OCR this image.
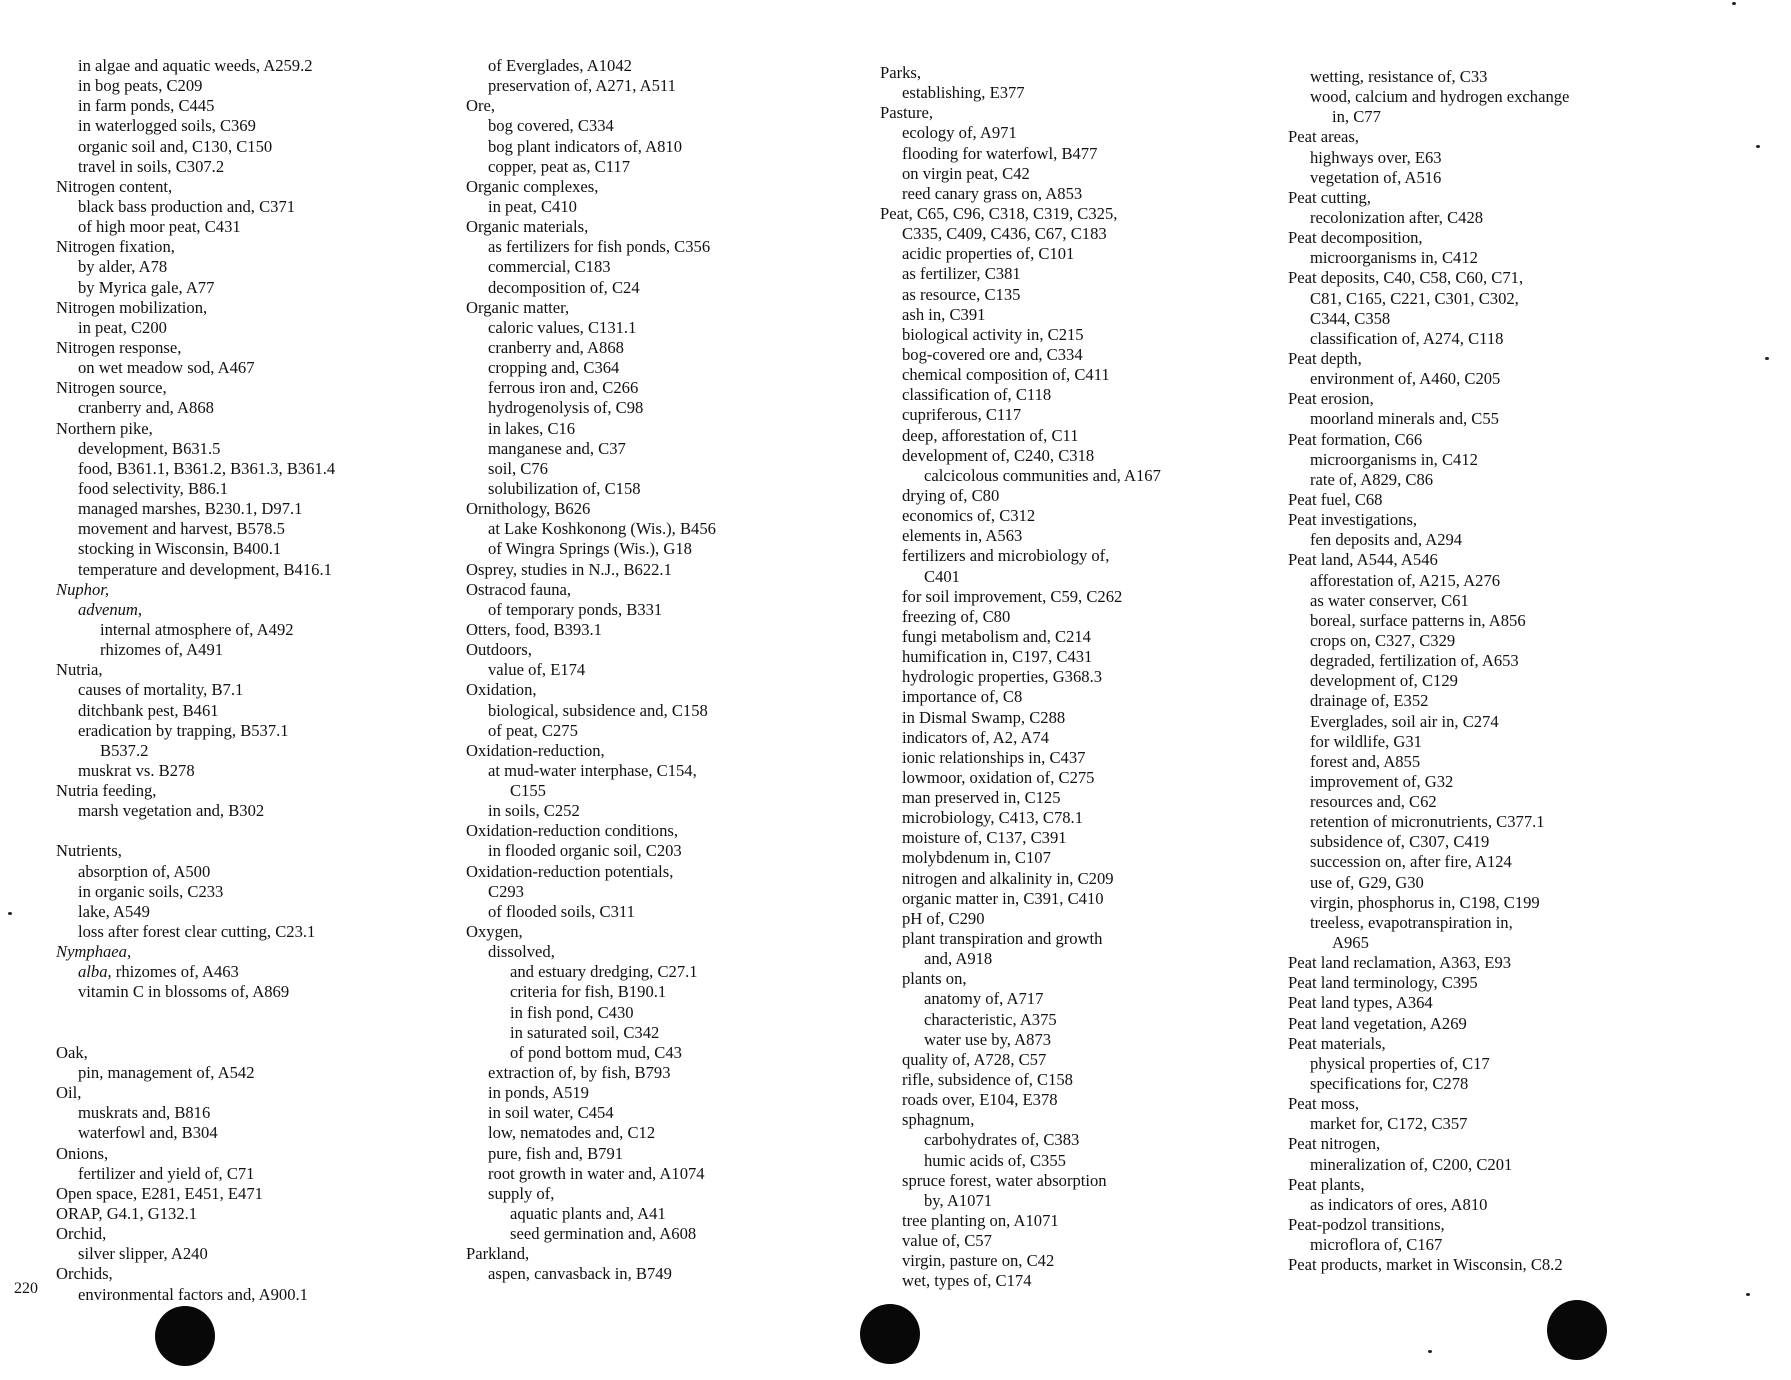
in algae and aquatic weeds, A259.2
in bog peats, C209
in farm ponds, C445
in waterlogged soils, C369
organic soil and, C130, C150
travel in soils, C307.2
Nitrogen content,
black bass production and, C371
of high moor peat, C431
Nitrogen fixation,
by alder, A78
by Myrica gale, A77
Nitrogen mobilization,
in peat, C200
Nitrogen response,
on wet meadow sod, A467
Nitrogen source,
cranberry and, A868
Northern pike,
development, B631.5
food, B361.1, B361.2, B361.3, B361.4
food selectivity, B86.1
managed marshes, B230.1, D97.1
movement and harvest, B578.5
stocking in Wisconsin, B400.1
temperature and development, B416.1
Nuphor,
advenum,
internal atmosphere of, A492
rhizomes of, A491
Nutria,
causes of mortality, B7.1
ditchbank pest, B461
eradication by trapping, B537.1
B537.2
muskrat vs. B278
Nutria feeding,
marsh vegetation and, B302
Nutrients,
absorption of, A500
in organic soils, C233
lake, A549
loss after forest clear cutting, C23.1
Nymphaea,
alba, rhizomes of, A463
vitamin C in blossoms of, A869
Oak,
pin, management of, A542
Oil,
muskrats and, B816
waterfowl and, B304
Onions,
fertilizer and yield of, C71
Open space, E281, E451, E471
ORAP, G4.1, G132.1
Orchid,
silver slipper, A240
Orchids,
environmental factors and, A900.1
of Everglades, A1042
preservation of, A271, A511
Ore,
bog covered, C334
bog plant indicators of, A810
copper, peat as, C117
Organic complexes,
in peat, C410
Organic materials,
as fertilizers for fish ponds, C356
commercial, C183
decomposition of, C24
Organic matter,
caloric values, C131.1
cranberry and, A868
cropping and, C364
ferrous iron and, C266
hydrogenolysis of, C98
in lakes, C16
manganese and, C37
soil, C76
solubilization of, C158
Ornithology, B626
at Lake Koshkonong (Wis.), B456
of Wingra Springs (Wis.), G18
Osprey, studies in N.J., B622.1
Ostracod fauna,
of temporary ponds, B331
Otters, food, B393.1
Outdoors,
value of, E174
Oxidation,
biological, subsidence and, C158
of peat, C275
Oxidation-reduction,
at mud-water interphase, C154,
C155
in soils, C252
Oxidation-reduction conditions,
in flooded organic soil, C203
Oxidation-reduction potentials,
C293
of flooded soils, C311
Oxygen,
dissolved,
and estuary dredging, C27.1
criteria for fish, B190.1
in fish pond, C430
in saturated soil, C342
of pond bottom mud, C43
extraction of, by fish, B793
in ponds, A519
in soil water, C454
low, nematodes and, C12
pure, fish and, B791
root growth in water and, A1074
supply of,
aquatic plants and, A41
seed germination and, A608
Parkland,
aspen, canvasback in, B749
Parks,
establishing, E377
Pasture,
ecology of, A971
flooding for waterfowl, B477
on virgin peat, C42
reed canary grass on, A853
Peat, C65, C96, C318, C319, C325,
C335, C409, C436, C67, C183
acidic properties of, C101
as fertilizer, C381
as resource, C135
ash in, C391
biological activity in, C215
bog-covered ore and, C334
chemical composition of, C411
classification of, C118
cupriferous, C117
deep, afforestation of, C11
development of, C240, C318
calcicolous communities and, A167
drying of, C80
economics of, C312
elements in, A563
fertilizers and microbiology of,
C401
for soil improvement, C59, C262
freezing of, C80
fungi metabolism and, C214
humification in, C197, C431
hydrologic properties, G368.3
importance of, C8
in Dismal Swamp, C288
indicators of, A2, A74
ionic relationships in, C437
lowmoor, oxidation of, C275
man preserved in, C125
microbiology, C413, C78.1
moisture of, C137, C391
molybdenum in, C107
nitrogen and alkalinity in, C209
organic matter in, C391, C410
pH of, C290
plant transpiration and growth
and, A918
plants on,
anatomy of, A717
characteristic, A375
water use by, A873
quality of, A728, C57
rifle, subsidence of, C158
roads over, E104, E378
sphagnum,
carbohydrates of, C383
humic acids of, C355
spruce forest, water absorption
by, A1071
tree planting on, A1071
value of, C57
virgin, pasture on, C42
wet, types of, C174
wetting, resistance of, C33
wood, calcium and hydrogen exchange
in, C77
Peat areas,
highways over, E63
vegetation of, A516
Peat cutting,
recolonization after, C428
Peat decomposition,
microorganisms in, C412
Peat deposits, C40, C58, C60, C71,
C81, C165, C221, C301, C302,
C344, C358
classification of, A274, C118
Peat depth,
environment of, A460, C205
Peat erosion,
moorland minerals and, C55
Peat formation, C66
microorganisms in, C412
rate of, A829, C86
Peat fuel, C68
Peat investigations,
fen deposits and, A294
Peat land, A544, A546
afforestation of, A215, A276
as water conserver, C61
boreal, surface patterns in, A856
crops on, C327, C329
degraded, fertilization of, A653
development of, C129
drainage of, E352
Everglades, soil air in, C274
for wildlife, G31
forest and, A855
improvement of, G32
resources and, C62
retention of micronutrients, C377.1
subsidence of, C307, C419
succession on, after fire, A124
use of, G29, G30
virgin, phosphorus in, C198, C199
treeless, evapotranspiration in,
A965
Peat land reclamation, A363, E93
Peat land terminology, C395
Peat land types, A364
Peat land vegetation, A269
Peat materials,
physical properties of, C17
specifications for, C278
Peat moss,
market for, C172, C357
Peat nitrogen,
mineralization of, C200, C201
Peat plants,
as indicators of ores, A810
Peat-podzol transitions,
microflora of, C167
Peat products, market in Wisconsin, C8.2
220
